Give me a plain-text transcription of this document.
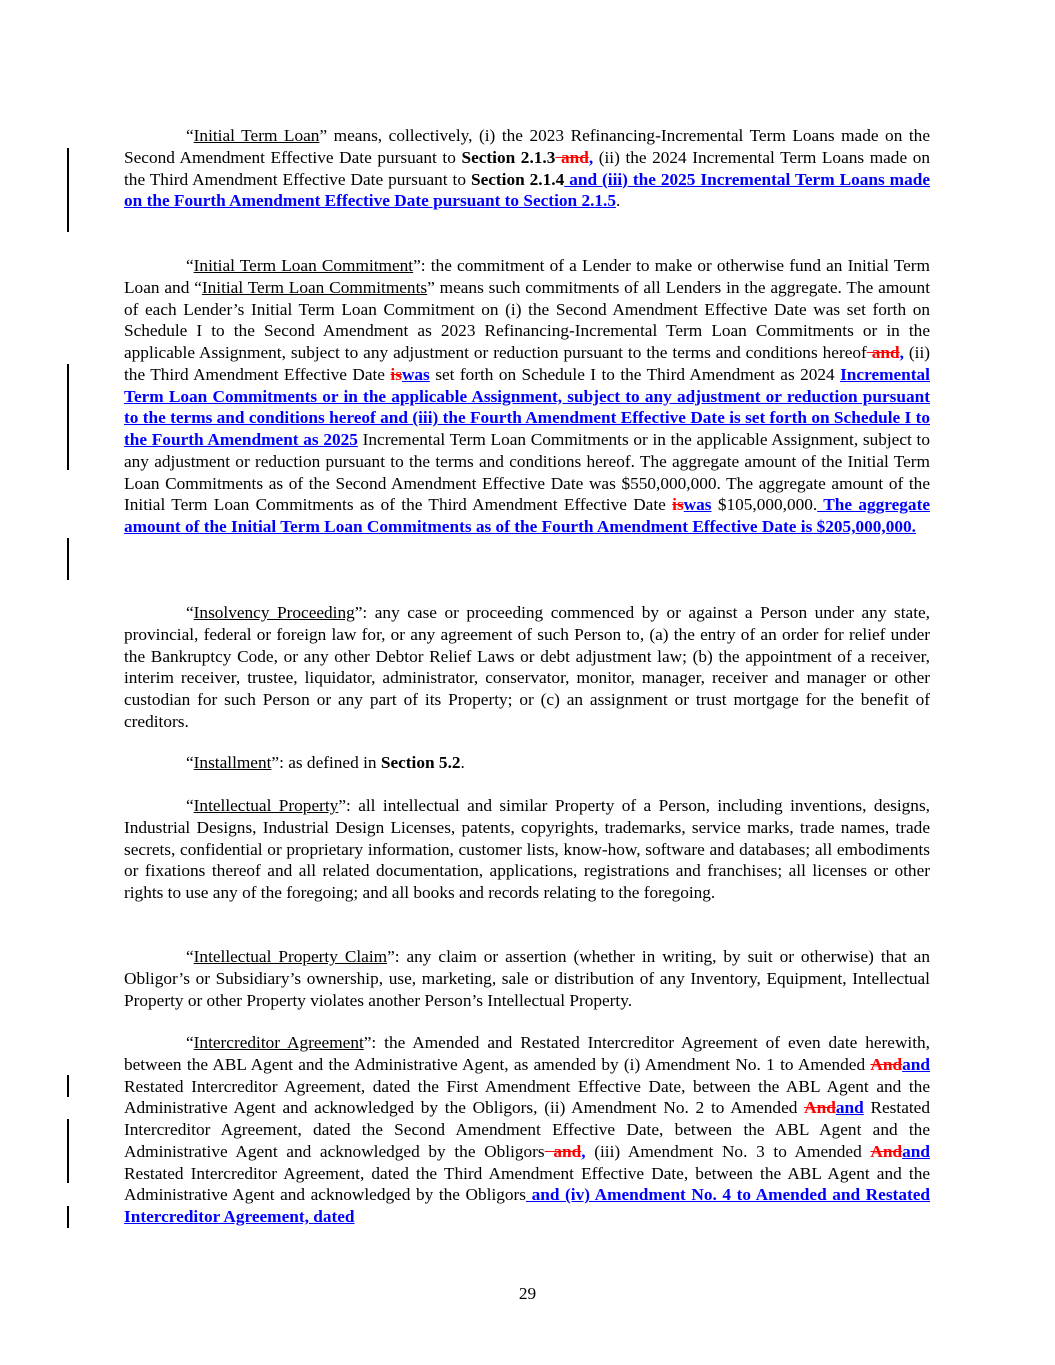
“Initial Term Loan” means, collectively, (i) the 2023 Refinancing-Incremental Term Loans made on the Second Amendment Effective Date pursuant to Section 2.1.3 and, (ii) the 2024 Incremental Term Loans made on the Third Amendment Effective Date pursuant to Section 2.1.4 and (iii) the 2025 Incremental Term Loans made on the Fourth Amendment Effective Date pursuant to Section 2.1.5.

“Initial Term Loan Commitment”: the commitment of a Lender to make or otherwise fund an Initial Term Loan and “Initial Term Loan Commitments” means such commitments of all Lenders in the aggregate. The amount of each Lender’s Initial Term Loan Commitment on (i) the Second Amendment Effective Date was set forth on Schedule I to the Second Amendment as 2023 Refinancing-Incremental Term Loan Commitments or in the applicable Assignment, subject to any adjustment or reduction pursuant to the terms and conditions hereof and, (ii) the Third Amendment Effective Date iswas set forth on Schedule I to the Third Amendment as 2024 Incremental Term Loan Commitments or in the applicable Assignment, subject to any adjustment or reduction pursuant to the terms and conditions hereof and (iii) the Fourth Amendment Effective Date is set forth on Schedule I to the Fourth Amendment as 2025 Incremental Term Loan Commitments or in the applicable Assignment, subject to any adjustment or reduction pursuant to the terms and conditions hereof. The aggregate amount of the Initial Term Loan Commitments as of the Second Amendment Effective Date was $550,000,000. The aggregate amount of the Initial Term Loan Commitments as of the Third Amendment Effective Date iswas $105,000,000. The aggregate amount of the Initial Term Loan Commitments as of the Fourth Amendment Effective Date is $205,000,000.

“Insolvency Proceeding”: any case or proceeding commenced by or against a Person under any state, provincial, federal or foreign law for, or any agreement of such Person to, (a) the entry of an order for relief under the Bankruptcy Code, or any other Debtor Relief Laws or debt adjustment law; (b) the appointment of a receiver, interim receiver, trustee, liquidator, administrator, conservator, monitor, manager, receiver and manager or other custodian for such Person or any part of its Property; or (c) an assignment or trust mortgage for the benefit of creditors.

“Installment”: as defined in Section 5.2.

“Intellectual Property”: all intellectual and similar Property of a Person, including inventions, designs, Industrial Designs, Industrial Design Licenses, patents, copyrights, trademarks, service marks, trade names, trade secrets, confidential or proprietary information, customer lists, know-how, software and databases; all embodiments or fixations thereof and all related documentation, applications, registrations and franchises; all licenses or other rights to use any of the foregoing; and all books and records relating to the foregoing.

“Intellectual Property Claim”: any claim or assertion (whether in writing, by suit or otherwise) that an Obligor’s or Subsidiary’s ownership, use, marketing, sale or distribution of any Inventory, Equipment, Intellectual Property or other Property violates another Person’s Intellectual Property.

“Intercreditor Agreement”: the Amended and Restated Intercreditor Agreement of even date herewith, between the ABL Agent and the Administrative Agent, as amended by (i) Amendment No. 1 to Amended Andand Restated Intercreditor Agreement, dated the First Amendment Effective Date, between the ABL Agent and the Administrative Agent and acknowledged by the Obligors, (ii) Amendment No. 2 to Amended Andand Restated Intercreditor Agreement, dated the Second Amendment Effective Date, between the ABL Agent and the Administrative Agent and acknowledged by the Obligors and, (iii) Amendment No. 3 to Amended Andand Restated Intercreditor Agreement, dated the Third Amendment Effective Date, between the ABL Agent and the Administrative Agent and acknowledged by the Obligors and (iv) Amendment No. 4 to Amended and Restated Intercreditor Agreement, dated

29
